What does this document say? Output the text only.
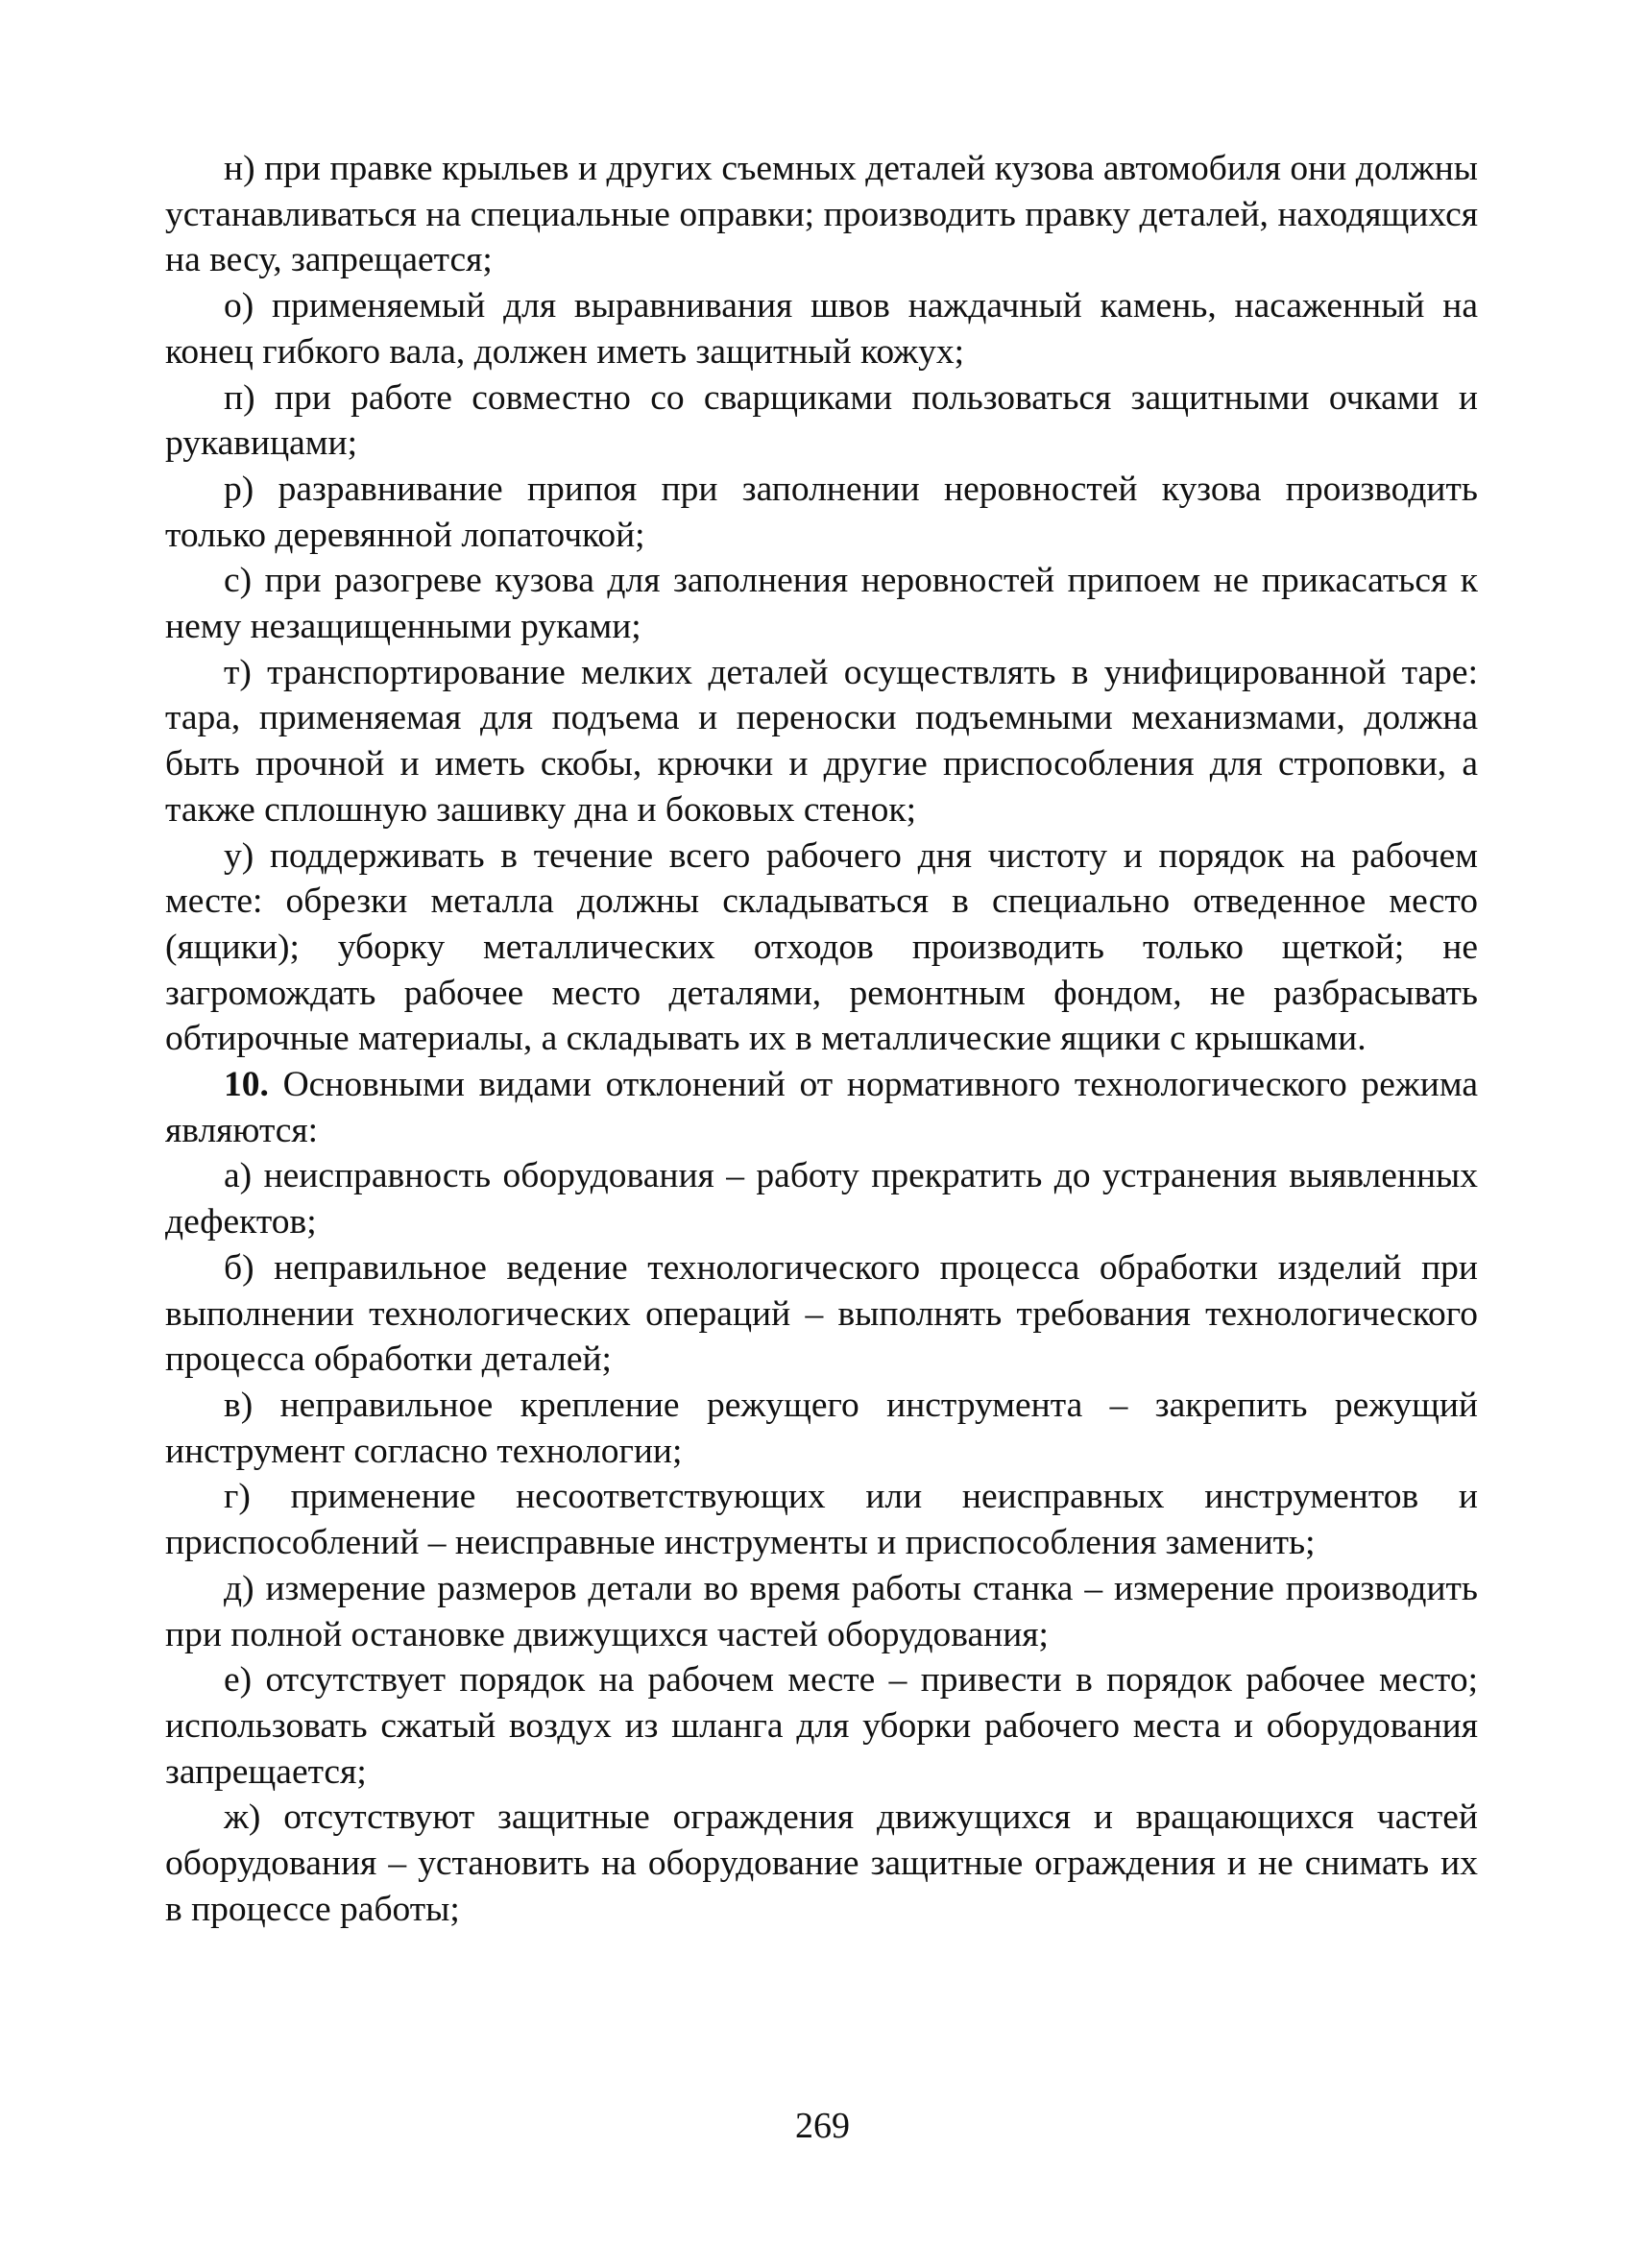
н) при правке крыльев и других съемных деталей кузова автомобиля они должны устанавливаться на специальные оправки; производить правку деталей, находящихся на весу, запрещается;

о) применяемый для выравнивания швов наждачный камень, насаженный на конец гибкого вала, должен иметь защитный кожух;

п) при работе совместно со сварщиками пользоваться защитными очками и рукавицами;

р) разравнивание припоя при заполнении неровностей кузова производить только деревянной лопаточкой;

с) при разогреве кузова для заполнения неровностей припоем не прикасаться к нему незащищенными руками;

т) транспортирование мелких деталей осуществлять в унифицированной таре: тара, применяемая для подъема и переноски подъемными механизмами, должна быть прочной и иметь скобы, крючки и другие приспособления для строповки, а также сплошную зашивку дна и боковых стенок;

у) поддерживать в течение всего рабочего дня чистоту и порядок на рабочем месте: обрезки металла должны складываться в специально отведенное место (ящики); уборку металлических отходов производить только щеткой; не загромождать рабочее место деталями, ремонтным фондом, не разбрасывать обтирочные материалы, а складывать их в металлические ящики с крышками.

10. Основными видами отклонений от нормативного технологического режима являются:

а) неисправность оборудования – работу прекратить до устранения выявленных дефектов;

б) неправильное ведение технологического процесса обработки изделий при выполнении технологических операций – выполнять требования технологического процесса обработки деталей;

в) неправильное крепление режущего инструмента – закрепить режущий инструмент согласно технологии;

г) применение несоответствующих или неисправных инструментов и приспособлений – неисправные инструменты и приспособления заменить;

д) измерение размеров детали во время работы станка – измерение производить при полной остановке движущихся частей оборудования;

е) отсутствует порядок на рабочем месте – привести в порядок рабочее место; использовать сжатый воздух из шланга для уборки рабочего места и оборудования запрещается;

ж) отсутствуют защитные ограждения движущихся и вращающихся частей оборудования – установить на оборудование защитные ограждения и не снимать их в процессе работы;

269
